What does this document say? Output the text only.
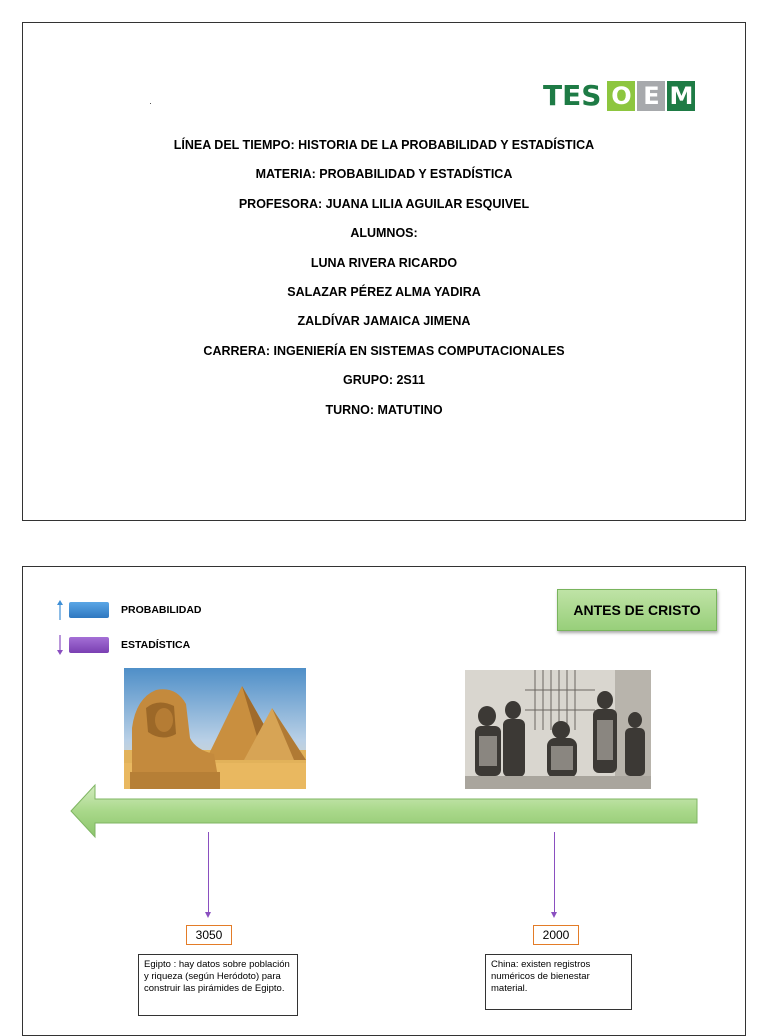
TES O E M
LÍNEA DEL TIEMPO: HISTORIA DE LA PROBABILIDAD Y ESTADÍSTICA
MATERIA: PROBABILIDAD Y ESTADÍSTICA
PROFESORA: JUANA LILIA AGUILAR ESQUIVEL
ALUMNOS:
LUNA RIVERA RICARDO
SALAZAR PÉREZ ALMA YADIRA
ZALDÍVAR JAMAICA JIMENA
CARRERA: INGENIERÍA EN SISTEMAS COMPUTACIONALES
GRUPO: 2S11
TURNO: MATUTINO
PROBABILIDAD
ESTADÍSTICA
ANTES DE CRISTO
3050	2000
Egipto : hay datos sobre población y riqueza (según Heródoto) para construir las pirámides de Egipto.
China: existen registros numéricos de bienestar material.
